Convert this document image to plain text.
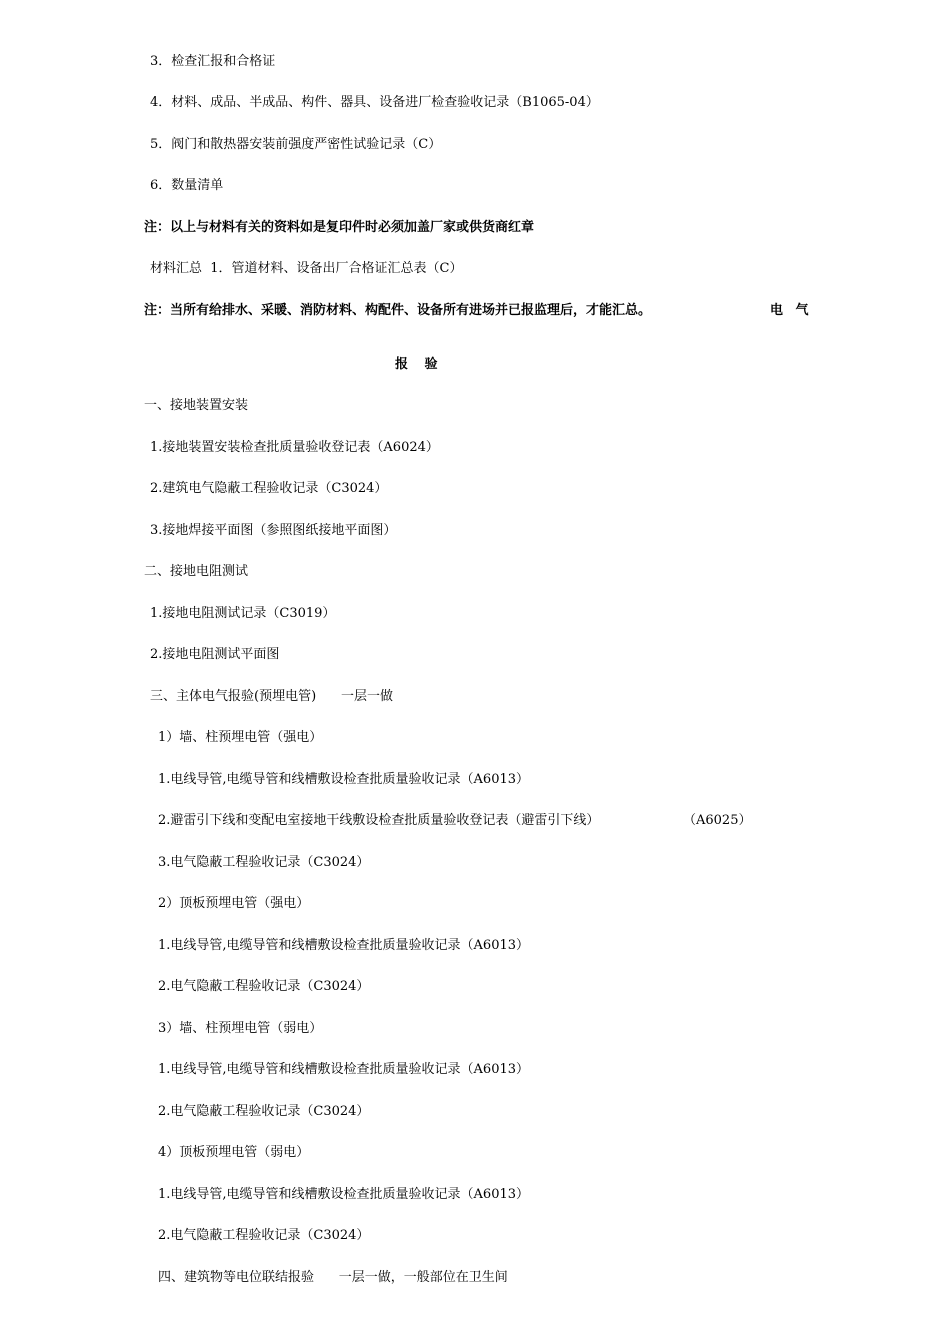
3．检查汇报和合格证

4．材料、成品、半成品、构件、器具、设备进厂检查验收记录（B1065-04）

5．阀门和散热器安装前强度严密性试验记录（C）

6．数量清单

注：以上与材料有关的资料如是复印件时必须加盖厂家或供货商红章

材料汇总  1．管道材料、设备出厂合格证汇总表（C）

注：当所有给排水、采暖、消防材料、构配件、设备所有进场并已报监理后，才能汇总。	电 气

报 验

一、接地装置安装

1.接地装置安装检查批质量验收登记表（A6024）

2.建筑电气隐蔽工程验收记录（C3024）

3.接地焊接平面图（参照图纸接地平面图）

二、接地电阻测试

1.接地电阻测试记录（C3019）

2.接地电阻测试平面图

三、主体电气报验(预埋电管)      一层一做

1）墙、柱预埋电管（强电）

1.电线导管,电缆导管和线槽敷设检查批质量验收记录（A6013）

2.避雷引下线和变配电室接地干线敷设检查批质量验收登记表（避雷引下线）	（A6025）

3.电气隐蔽工程验收记录（C3024）

2）顶板预埋电管（强电）

1.电线导管,电缆导管和线槽敷设检查批质量验收记录（A6013）

2.电气隐蔽工程验收记录（C3024）

3）墙、柱预埋电管（弱电）

1.电线导管,电缆导管和线槽敷设检查批质量验收记录（A6013）

2.电气隐蔽工程验收记录（C3024）

4）顶板预埋电管（弱电）

1.电线导管,电缆导管和线槽敷设检查批质量验收记录（A6013）

2.电气隐蔽工程验收记录（C3024）

四、建筑物等电位联结报验      一层一做，一般部位在卫生间
